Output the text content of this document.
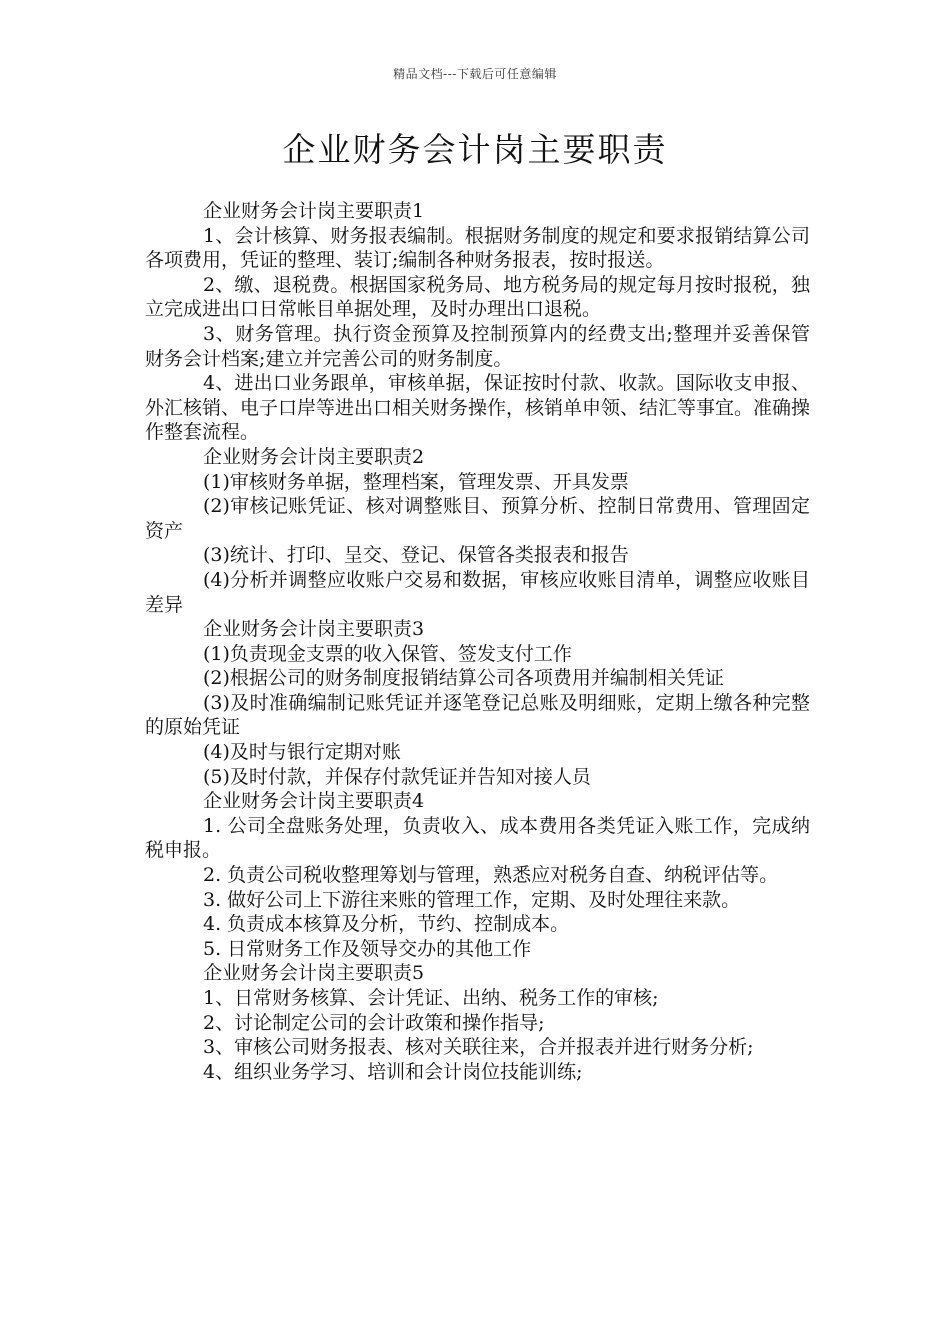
精品文档---下载后可任意编辑
企业财务会计岗主要职责

企业财务会计岗主要职责1

1、会计核算、财务报表编制。根据财务制度的规定和要求报销结算公司各项费用，凭证的整理、装订;编制各种财务报表，按时报送。

2、缴、退税费。根据国家税务局、地方税务局的规定每月按时报税，独立完成进出口日常帐目单据处理，及时办理出口退税。

3、财务管理。执行资金预算及控制预算内的经费支出;整理并妥善保管财务会计档案;建立并完善公司的财务制度。

4、进出口业务跟单，审核单据，保证按时付款、收款。国际收支申报、外汇核销、电子口岸等进出口相关财务操作，核销单申领、结汇等事宜。准确操作整套流程。

企业财务会计岗主要职责2

(1)审核财务单据，整理档案，管理发票、开具发票

(2)审核记账凭证、核对调整账目、预算分析、控制日常费用、管理固定资产

(3)统计、打印、呈交、登记、保管各类报表和报告

(4)分析并调整应收账户交易和数据，审核应收账目清单，调整应收账目差异

企业财务会计岗主要职责3

(1)负责现金支票的收入保管、签发支付工作

(2)根据公司的财务制度报销结算公司各项费用并编制相关凭证

(3)及时准确编制记账凭证并逐笔登记总账及明细账，定期上缴各种完整的原始凭证

(4)及时与银行定期对账

(5)及时付款，并保存付款凭证并告知对接人员

企业财务会计岗主要职责4

1. 公司全盘账务处理，负责收入、成本费用各类凭证入账工作，完成纳税申报。

2. 负责公司税收整理筹划与管理，熟悉应对税务自查、纳税评估等。

3. 做好公司上下游往来账的管理工作，定期、及时处理往来款。

4. 负责成本核算及分析，节约、控制成本。

5. 日常财务工作及领导交办的其他工作

企业财务会计岗主要职责5

1、日常财务核算、会计凭证、出纳、税务工作的审核;

2、讨论制定公司的会计政策和操作指导;

3、审核公司财务报表、核对关联往来，合并报表并进行财务分析;

4、组织业务学习、培训和会计岗位技能训练;
